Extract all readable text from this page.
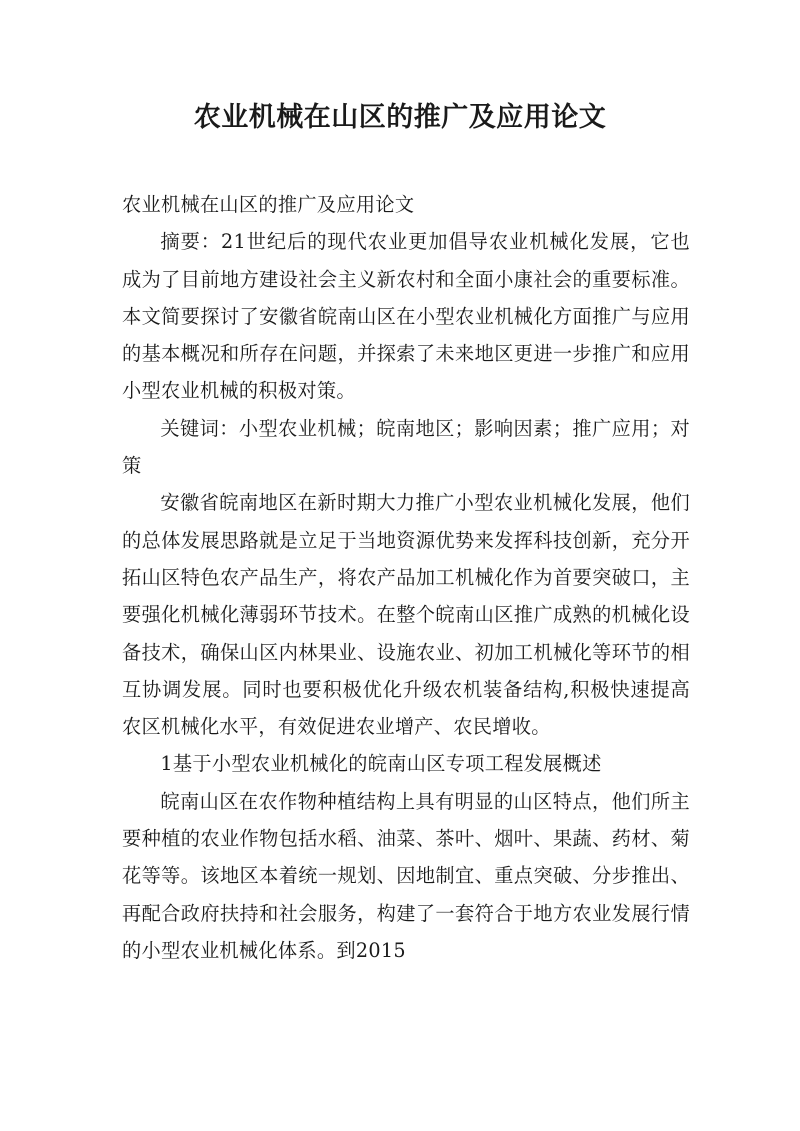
农业机械在山区的推广及应用论文

农业机械在山区的推广及应用论文

摘要：21世纪后的现代农业更加倡导农业机械化发展，它也成为了目前地方建设社会主义新农村和全面小康社会的重要标准。本文简要探讨了安徽省皖南山区在小型农业机械化方面推广与应用的基本概况和所存在问题，并探索了未来地区更进一步推广和应用小型农业机械的积极对策。

关键词：小型农业机械；皖南地区；影响因素；推广应用；对策

安徽省皖南地区在新时期大力推广小型农业机械化发展，他们的总体发展思路就是立足于当地资源优势来发挥科技创新，充分开拓山区特色农产品生产，将农产品加工机械化作为首要突破口，主要强化机械化薄弱环节技术。在整个皖南山区推广成熟的机械化设备技术，确保山区内林果业、设施农业、初加工机械化等环节的相互协调发展。同时也要积极优化升级农机装备结构,积极快速提高农区机械化水平，有效促进农业增产、农民增收。

1基于小型农业机械化的皖南山区专项工程发展概述

皖南山区在农作物种植结构上具有明显的山区特点，他们所主要种植的农业作物包括水稻、油菜、茶叶、烟叶、果蔬、药材、菊花等等。该地区本着统一规划、因地制宜、重点突破、分步推出、再配合政府扶持和社会服务，构建了一套符合于地方农业发展行情的小型农业机械化体系。到2015
